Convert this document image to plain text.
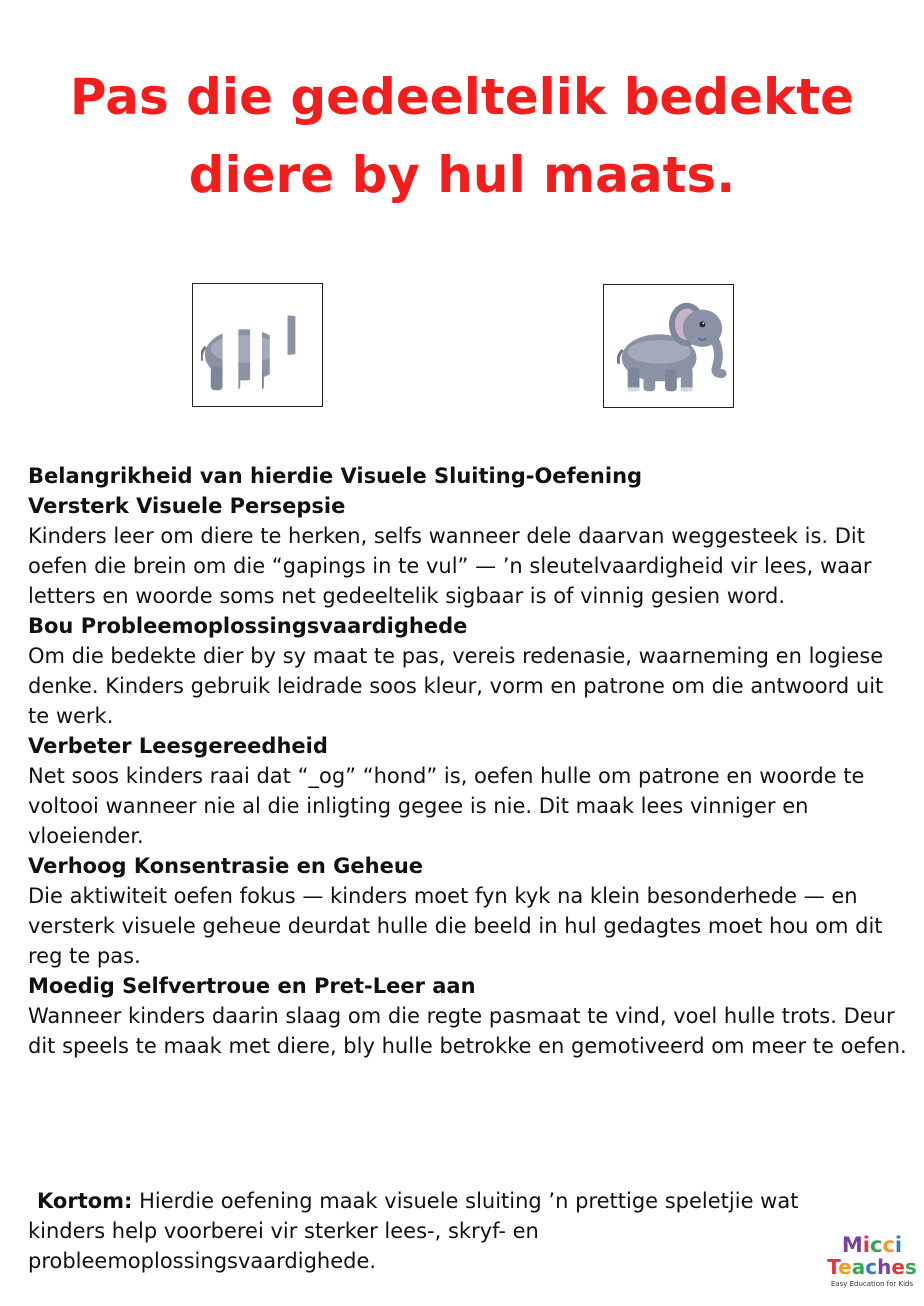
Pas die gedeeltelik bedekte
diere by hul maats.
Belangrikheid van hierdie Visuele Sluiting-Oefening
Versterk Visuele Persepsie

Kinders leer om diere te herken, selfs wanneer dele daarvan weggesteek is. Dit oefen die brein om die “gapings in te vul” — ’n sleutelvaardigheid vir lees, waar letters en woorde soms net gedeeltelik sigbaar is of vinnig gesien word.

Bou Probleemoplossingsvaardighede

Om die bedekte dier by sy maat te pas, vereis redenasie, waarneming en logiese denke. Kinders gebruik leidrade soos kleur, vorm en patrone om die antwoord uit te werk.

Verbeter Leesgereedheid

Net soos kinders raai dat “_og” “hond” is, oefen hulle om patrone en woorde te voltooi wanneer nie al die inligting gegee is nie. Dit maak lees vinniger en vloeiender.

Verhoog Konsentrasie en Geheue

Die aktiwiteit oefen fokus — kinders moet fyn kyk na klein besonderhede — en versterk visuele geheue deurdat hulle die beeld in hul gedagtes moet hou om dit reg te pas.

Moedig Selfvertroue en Pret-Leer aan

Wanneer kinders daarin slaag om die regte pasmaat te vind, voel hulle trots. Deur dit speels te maak met diere, bly hulle betrokke en gemotiveerd om meer te oefen.

Kortom: Hierdie oefening maak visuele sluiting ’n prettige speletjie wat kinders help voorberei vir sterker lees-, skryf- en probleemoplossingsvaardighede.
Micci
Teaches
Easy Education for Kids
